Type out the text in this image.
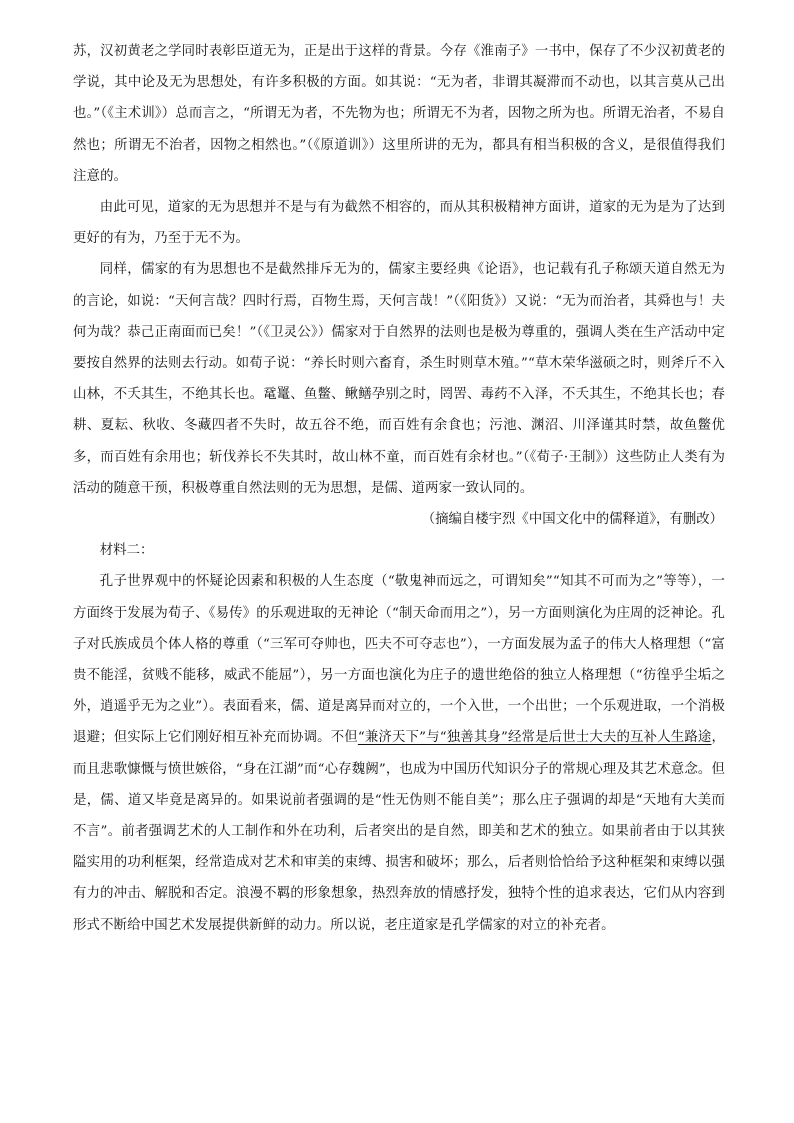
苏，汉初黄老之学同时表彰臣道无为，正是出于这样的背景。今存《淮南子》一书中，保存了不少汉初黄老的学说，其中论及无为思想处，有许多积极的方面。如其说：“无为者，非谓其凝滞而不动也，以其言莫从己出也。”（《主术训》）总而言之，“所谓无为者，不先物为也；所谓无不为者，因物之所为也。所谓无治者，不易自然也；所谓无不治者，因物之相然也。”（《原道训》）这里所讲的无为，都具有相当积极的含义，是很值得我们注意的。

由此可见，道家的无为思想并不是与有为截然不相容的，而从其积极精神方面讲，道家的无为是为了达到更好的有为，乃至于无不为。

同样，儒家的有为思想也不是截然排斥无为的，儒家主要经典《论语》，也记载有孔子称颂天道自然无为的言论，如说：“天何言哉？四时行焉，百物生焉，天何言哉！”（《阳货》）又说：“无为而治者，其舜也与！夫何为哉？恭己正南面而已矣！”（《卫灵公》）儒家对于自然界的法则也是极为尊重的，强调人类在生产活动中定要按自然界的法则去行动。如荀子说：“养长时则六畜育，杀生时则草木殖。”“草木荣华滋硕之时，则斧斤不入山林，不夭其生，不绝其长也。鼋鼍、鱼鳖、鳅鳝孕别之时，罔罟、毒药不入泽，不夭其生，不绝其长也；春耕、夏耘、秋收、冬藏四者不失时，故五谷不绝，而百姓有余食也；污池、渊沼、川泽谨其时禁，故鱼鳖优多，而百姓有余用也；斩伐养长不失其时，故山林不童，而百姓有余材也。”（《荀子·王制》）这些防止人类有为活动的随意干预，积极尊重自然法则的无为思想，是儒、道两家一致认同的。

（摘编自楼宇烈《中国文化中的儒释道》，有删改）

材料二：

孔子世界观中的怀疑论因素和积极的人生态度（“敬鬼神而远之，可谓知矣”“知其不可而为之”等等），一方面终于发展为荀子、《易传》的乐观进取的无神论（“制天命而用之”），另一方面则演化为庄周的泛神论。孔子对氏族成员个体人格的尊重（“三军可夺帅也，匹夫不可夺志也”），一方面发展为孟子的伟大人格理想（“富贵不能淫，贫贱不能移，威武不能屈”），另一方面也演化为庄子的遗世绝俗的独立人格理想（“彷徨乎尘垢之外，逍遥乎无为之业”）。表面看来，儒、道是离异而对立的，一个入世，一个出世；一个乐观进取，一个消极退避；但实际上它们刚好相互补充而协调。不但“兼济天下”与“独善其身”经常是后世士大夫的互补人生路途，而且悲歌慷慨与愤世嫉俗，“身在江湖”而“心存魏阙”，也成为中国历代知识分子的常规心理及其艺术意念。但是，儒、道又毕竟是离异的。如果说前者强调的是“性无伪则不能自美”；那么庄子强调的却是“天地有大美而不言”。前者强调艺术的人工制作和外在功利，后者突出的是自然，即美和艺术的独立。如果前者由于以其狭隘实用的功利框架，经常造成对艺术和审美的束缚、损害和破坏；那么，后者则恰恰给予这种框架和束缚以强有力的冲击、解脱和否定。浪漫不羁的形象想象，热烈奔放的情感抒发，独特个性的追求表达，它们从内容到形式不断给中国艺术发展提供新鲜的动力。所以说，老庄道家是孔学儒家的对立的补充者。
